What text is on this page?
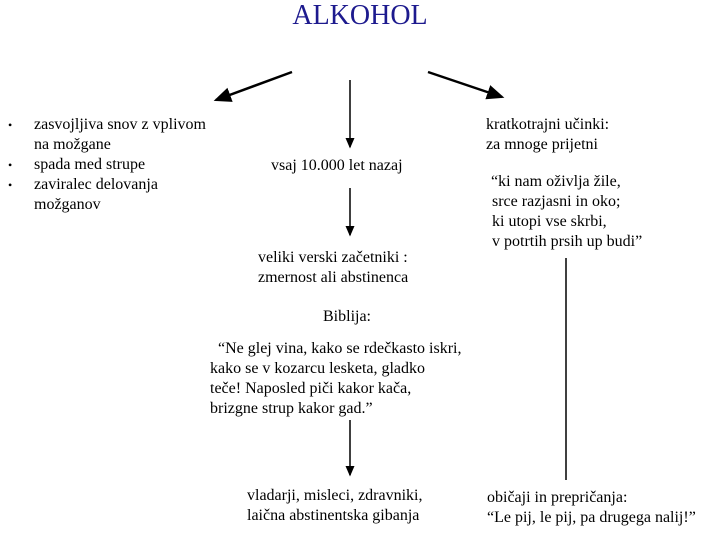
ALKOHOL
• zasvojljiva snov z vplivom
na možgane
• spada med strupe
• zaviralec delovanja
možganov
vsaj 10.000 let nazaj
veliki verski začetniki :
zmernost ali abstinenca
kratkotrajni učinki:
za mnoge prijetni
“ki nam oživlja žile,
srce razjasni in oko;
ki utopi vse skrbi,
v potrtih prsih up budi”
Biblija:
“Ne glej vina, kako se rdečkasto iskri,
kako se v kozarcu lesketa, gladko
teče! Naposled piči kakor kača,
brizgne strup kakor gad.”
vladarji, misleci, zdravniki,
laična abstinentska gibanja
običaji in prepričanja:
“Le pij, le pij, pa drugega nalij!”
